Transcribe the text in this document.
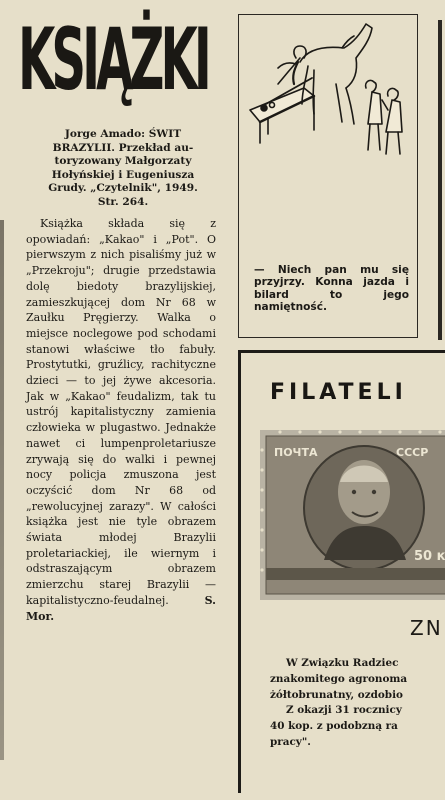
KSIĄŻKI
Jorge Amado: ŚWIT
BRAZYLII. Przekład au-
toryzowany Małgorzaty
Hołyńskiej i Eugeniusza
Grudy. „Czytelnik", 1949.
Str. 264.

Książka składa się z opowiadań: „Kakao" i „Pot". O pierwszym z nich pisaliśmy już w „Przekroju"; drugie przedstawia dolę biedoty brazylijskiej, zamieszkującej dom Nr 68 w Zaułku Pręgierzy. Walka o miejsce noclegowe pod schodami stanowi właściwe tło fabuły. Prostytutki, gruźlicy, rachityczne dzieci — to jej żywe akcesoria. Jak w „Kakao" feudalizm, tak tu ustrój kapitalistyczny zamienia człowieka w plugastwo. Jednakże nawet ci lumpenproletariusze zrywają się do walki i pewnej nocy policja zmuszona jest oczyścić dom Nr 68 od „rewolucyjnej zarazy". W całości książka jest nie tyle obrazem świata młodej Brazylii proletariackiej, ile wiernym i odstraszającym obrazem zmierzchu starej Brazylii — kapitalistyczno-feudalnej.	S. Mor.

— Niech pan mu się przyjrzy. Konna jazda i bilard to jego namiętność.
FILATELI
ПОЧТА	СССР
50 к
ZN
W Związku Radziec
znakomitego agronoma
żółtobrunatny, ozdobio
Z okazji 31 rocznicy
40 kop. z podobzną ra
pracy".
